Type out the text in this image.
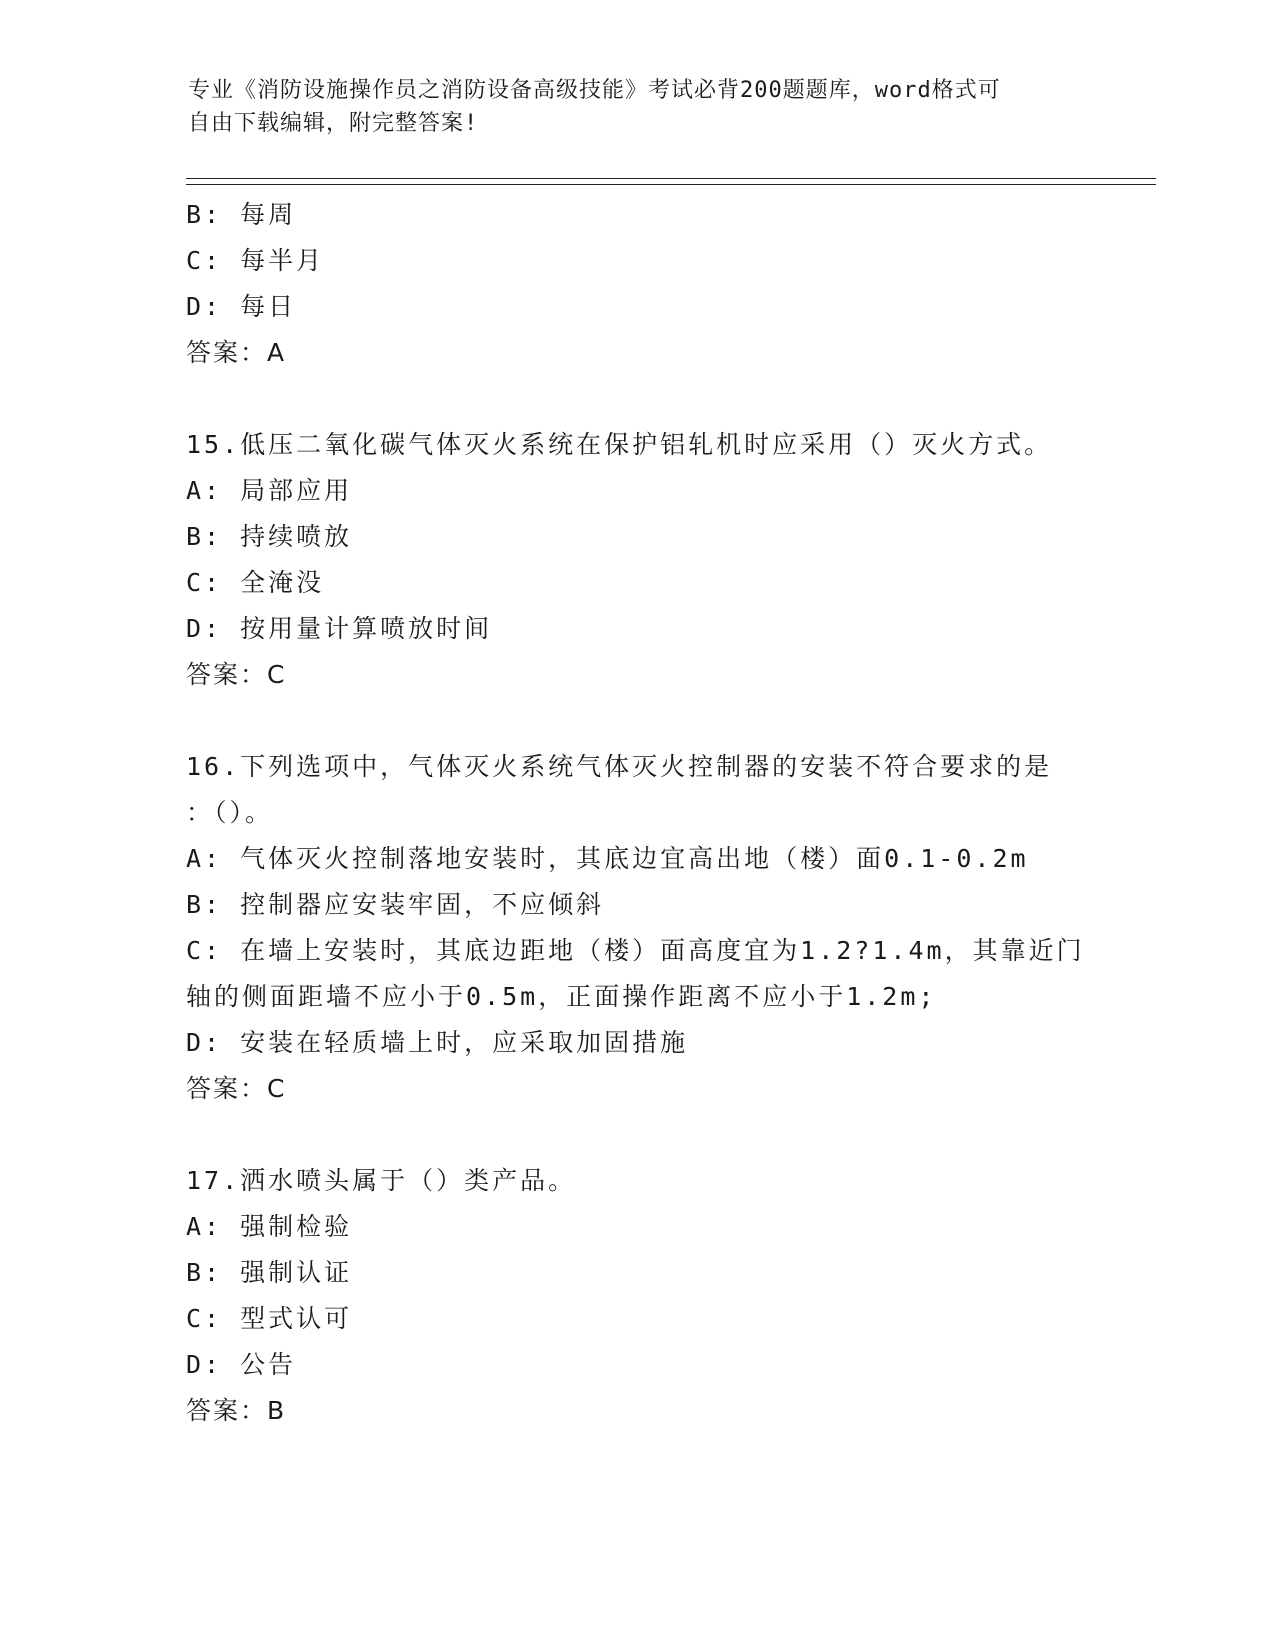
专业《消防设施操作员之消防设备高级技能》考试必背200题题库，word格式可
自由下载编辑，附完整答案!
B: 每周
C: 每半月
D: 每日
答案：A
15.低压二氧化碳气体灭火系统在保护铝轧机时应采用（）灭火方式。
A: 局部应用
B: 持续喷放
C: 全淹没
D: 按用量计算喷放时间
答案：C
16.下列选项中，气体灭火系统气体灭火控制器的安装不符合要求的是
：（）。
A: 气体灭火控制落地安装时，其底边宜高出地（楼）面0.1-0.2m
B: 控制器应安装牢固，不应倾斜
C: 在墙上安装时，其底边距地（楼）面高度宜为1.2?1.4m，其靠近门
轴的侧面距墙不应小于0.5m，正面操作距离不应小于1.2m;
D: 安装在轻质墙上时，应采取加固措施
答案：C
17.洒水喷头属于（）类产品。
A: 强制检验
B: 强制认证
C: 型式认可
D: 公告
答案：B
